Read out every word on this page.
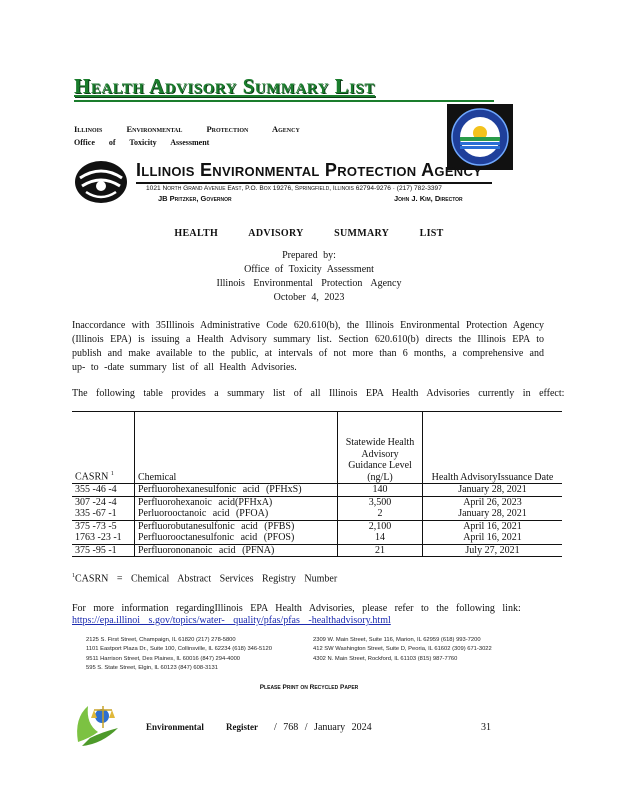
Health Advisory Summary List
Illinois Environmental Protection Agency
Office of Toxicity Assessment
Illinois Environmental Protection Agency
1021 North Grand Avenue East, P.O. Box 19276, Springfield, Illinois 62794-9276 · (217) 782-3397
JB Pritzker, Governor	John J. Kim, Director
HEALTH ADVISORY SUMMARY LIST
Prepared by:
Office of Toxicity Assessment
Illinois Environmental Protection Agency
October 4, 2023
Inaccordance with 35Illinois Administrative Code 620.610(b), the Illinois Environmental Protection Agency (Illinois EPA) is issuing a Health Advisory summary list. Section 620.610(b) directs the Illinois EPA to publish and make available to the public, at intervals of not more than 6 months, a comprehensive and up- to -date summary list of all Health Advisories.
The following table provides a summary list of all Illinois EPA Health Advisories currently in effect:
CASRN $^1$	Chemical	Statewide Health Advisory Guidance Level (ng/L)	Health AdvisoryIssuance Date
355 -46 -4	Perfluorohexanesulfonic acid (PFHxS)	140	January 28, 2021
307 -24 -4	Perfluorohexanoic acid(PFHxA)	3,500	April 26, 2023
335 -67 -1	Perluorooctanoic acid (PFOA)	2	January 28, 2021
375 -73 -5	Perfluorobutanesulfonic acid (PFBS)	2,100	April 16, 2021
1763 -23 -1	Perfluorooctanesulfonic acid (PFOS)	14	April 16, 2021
375 -95 -1	Perfluorononanoic acid (PFNA)	21	July 27, 2021
$^1$CASRN = Chemical Abstract Services Registry Number
For more information regardingIllinois EPA Health Advisories, please refer to the following link:
https://epa.illinoi s.gov/topics/water- quality/pfas/pfas -healthadvisory.html
2125 S. First Street, Champaign, IL 61820 (217) 278-5800
1101 Eastport Plaza Dr., Suite 100, Collinsville, IL 62234 (618) 346-5120
9511 Harrison Street, Des Plaines, IL 60016 (847) 294-4000
595 S. State Street, Elgin, IL 60123 (847) 608-3131
2309 W. Main Street, Suite 116, Marion, IL 62959 (618) 993-7200
412 SW Washington Street, Suite D, Peoria, IL 61602 (309) 671-3022
4302 N. Main Street, Rockford, IL 61103 (815) 987-7760
Please Print on Recycled Paper
Environmental Register / 768 / January 2024	31
